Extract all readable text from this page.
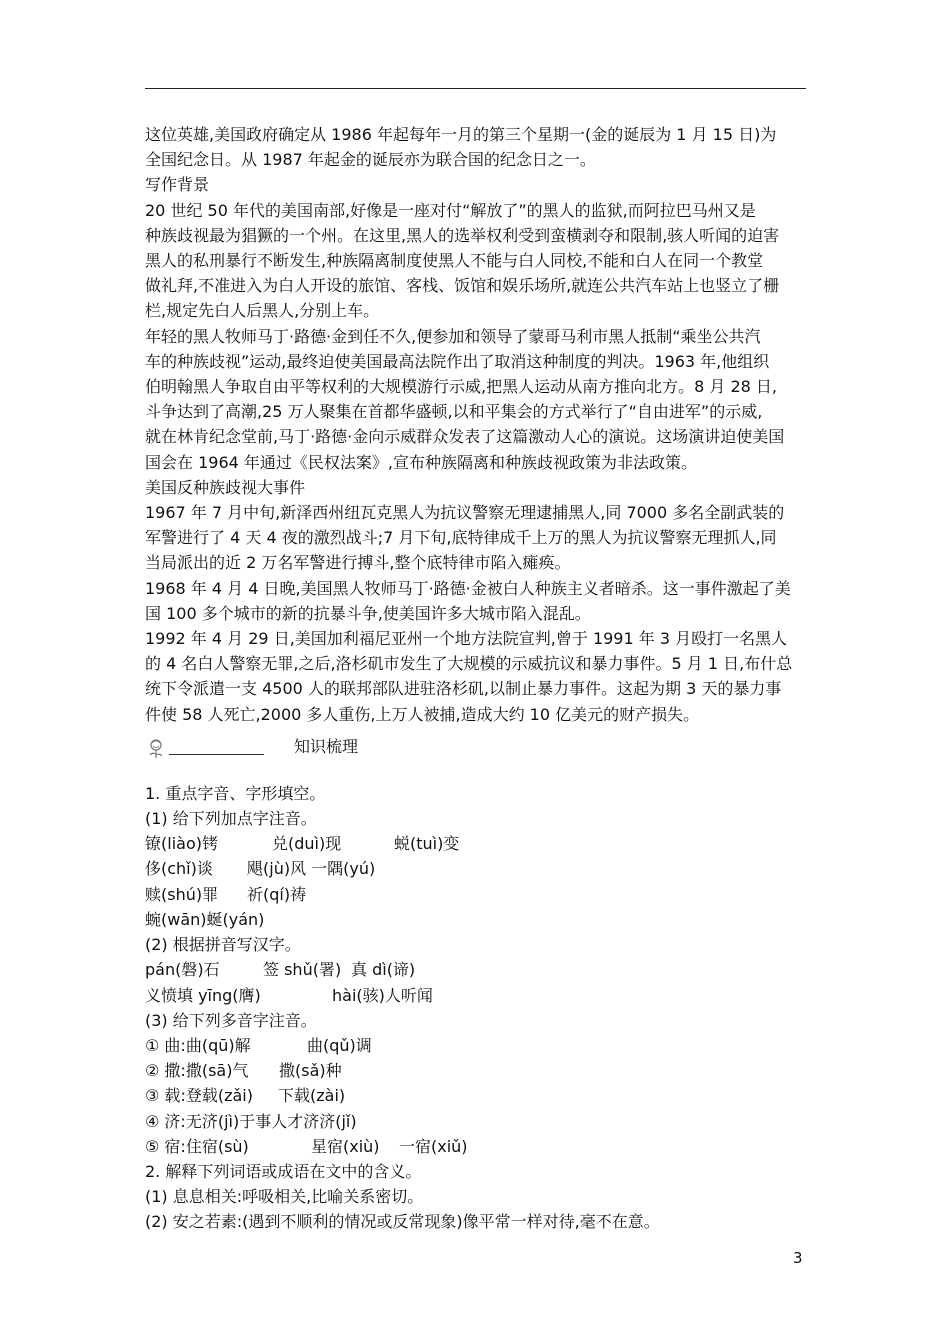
这位英雄,美国政府确定从 1986 年起每年一月的第三个星期一(金的诞辰为 1 月 15 日)为

全国纪念日。从 1987 年起金的诞辰亦为联合国的纪念日之一。

写作背景

20 世纪 50 年代的美国南部,好像是一座对付“解放了”的黑人的监狱,而阿拉巴马州又是

种族歧视最为猖獗的一个州。在这里,黑人的选举权利受到蛮横剥夺和限制,骇人听闻的迫害

黑人的私刑暴行不断发生,种族隔离制度使黑人不能与白人同校,不能和白人在同一个教堂

做礼拜,不准进入为白人开设的旅馆、客栈、饭馆和娱乐场所,就连公共汽车站上也竖立了栅

栏,规定先白人后黑人,分别上车。

年轻的黑人牧师马丁·路德·金到任不久,便参加和领导了蒙哥马利市黑人抵制“乘坐公共汽

车的种族歧视”运动,最终迫使美国最高法院作出了取消这种制度的判决。1963 年,他组织

伯明翰黑人争取自由平等权利的大规模游行示威,把黑人运动从南方推向北方。8 月 28 日,

斗争达到了高潮,25 万人聚集在首都华盛顿,以和平集会的方式举行了“自由进军”的示威,

就在林肯纪念堂前,马丁·路德·金向示威群众发表了这篇激动人心的演说。这场演讲迫使美国

国会在 1964 年通过《民权法案》,宣布种族隔离和种族歧视政策为非法政策。

美国反种族歧视大事件

1967 年 7 月中旬,新泽西州纽瓦克黑人为抗议警察无理逮捕黑人,同 7000 多名全副武装的

军警进行了 4 天 4 夜的激烈战斗;7 月下旬,底特律成千上万的黑人为抗议警察无理抓人,同

当局派出的近 2 万名军警进行搏斗,整个底特律市陷入瘫痪。

1968 年 4 月 4 日晚,美国黑人牧师马丁·路德·金被白人种族主义者暗杀。这一事件激起了美

国 100 多个城市的新的抗暴斗争,使美国许多大城市陷入混乱。

1992 年 4 月 29 日,美国加利福尼亚州一个地方法院宣判,曾于 1991 年 3 月殴打一名黑人

的 4 名白人警察无罪,之后,洛杉矶市发生了大规模的示威抗议和暴力事件。5 月 1 日,布什总

统下令派遣一支 4500 人的联邦部队进驻洛杉矶,以制止暴力事件。这起为期 3 天的暴力事

件使 58 人死亡,2000 多人重伤,上万人被捕,造成大约 10 亿美元的财产损失。

知识梳理

1. 重点字音、字形填空。

(1) 给下列加点字注音。

镣(liào)铐	兑(duì)现	蜕(tuì)变
侈(chǐ)谈	飓(jù)风 一隅(yú)
赎(shú)罪	祈(qí)祷
蜿(wān)蜒(yán)

(2) 根据拼音写汉字。

pán(磐)石	签 shǔ(署) 真 dì(谛)
义愤填 yīng(膺)	hài(骇)人听闻

(3) 给下列多音字注音。

① 曲:曲(qū)解	曲(qǔ)调
② 撒:撒(sā)气	撒(sǎ)种
③ 载:登载(zǎi)	下载(zài)
④ 济:无济(jì)于事人才济济(jǐ)
⑤ 宿:住宿(sù)	星宿(xiù)	一宿(xiǔ)

2. 解释下列词语或成语在文中的含义。

(1) 息息相关:呼吸相关,比喻关系密切。

(2) 安之若素:(遇到不顺利的情况或反常现象)像平常一样对待,毫不在意。

3
